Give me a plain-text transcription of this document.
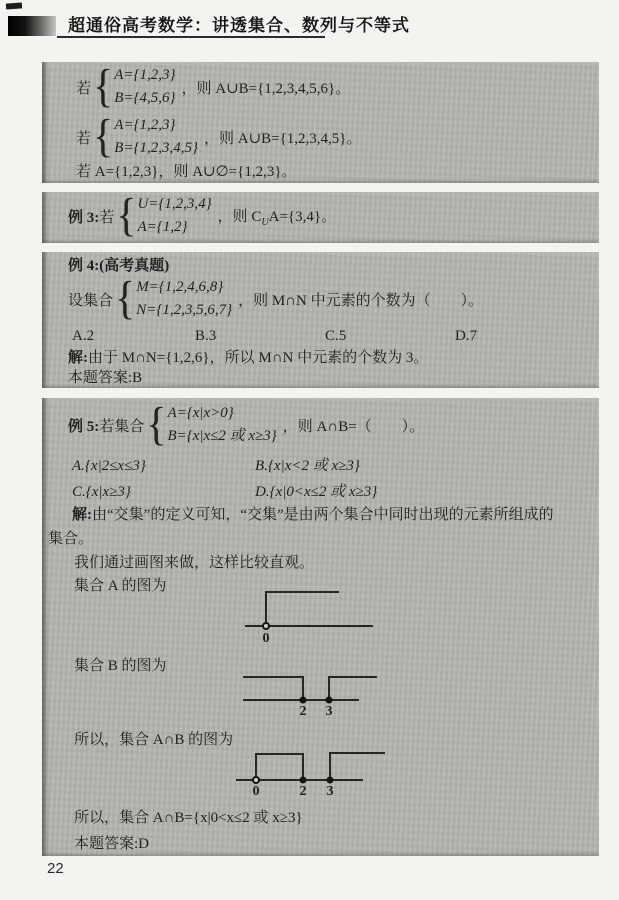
超通俗高考数学：讲透集合、数列与不等式
若 { A={1,2,3}
B={4,5,6}
，则 A∪B={1,2,3,4,5,6}。
若 { A={1,2,3}
B={1,2,3,4,5}
，则 A∪B={1,2,3,4,5}。
若 A={1,2,3}，则 A∪∅={1,2,3}。
例 3:若 { U={1,2,3,4}
A={1,2}
，则 $C_UA=\{3,4\}$。
例 4:(高考真题)
设集合 { M={1,2,4,6,8}
N={1,2,3,5,6,7}
，则 M∩N 中元素的个数为（　　）。
A.2	B.3	C.5	D.7
解:由于 M∩N={1,2,6}，所以 M∩N 中元素的个数为 3。
本题答案:B
例 5:若集合 { A={x|x>0}
B={x|x≤2 或 x≥3}
，则 A∩B=（　　）。
A.{x|2≤x≤3}	B.{x|x<2 或 x≥3}
C.{x|x≥3}	D.{x|0<x≤2 或 x≥3}
解:由“交集”的定义可知，“交集”是由两个集合中同时出现的元素所组成的
集合。
我们通过画图来做，这样比较直观。
集合 A 的图为
0
集合 B 的图为
2 3
所以，集合 A∩B 的图为
0	2 3
所以，集合 A∩B={x|0<x≤2 或 x≥3}
本题答案:D
22
